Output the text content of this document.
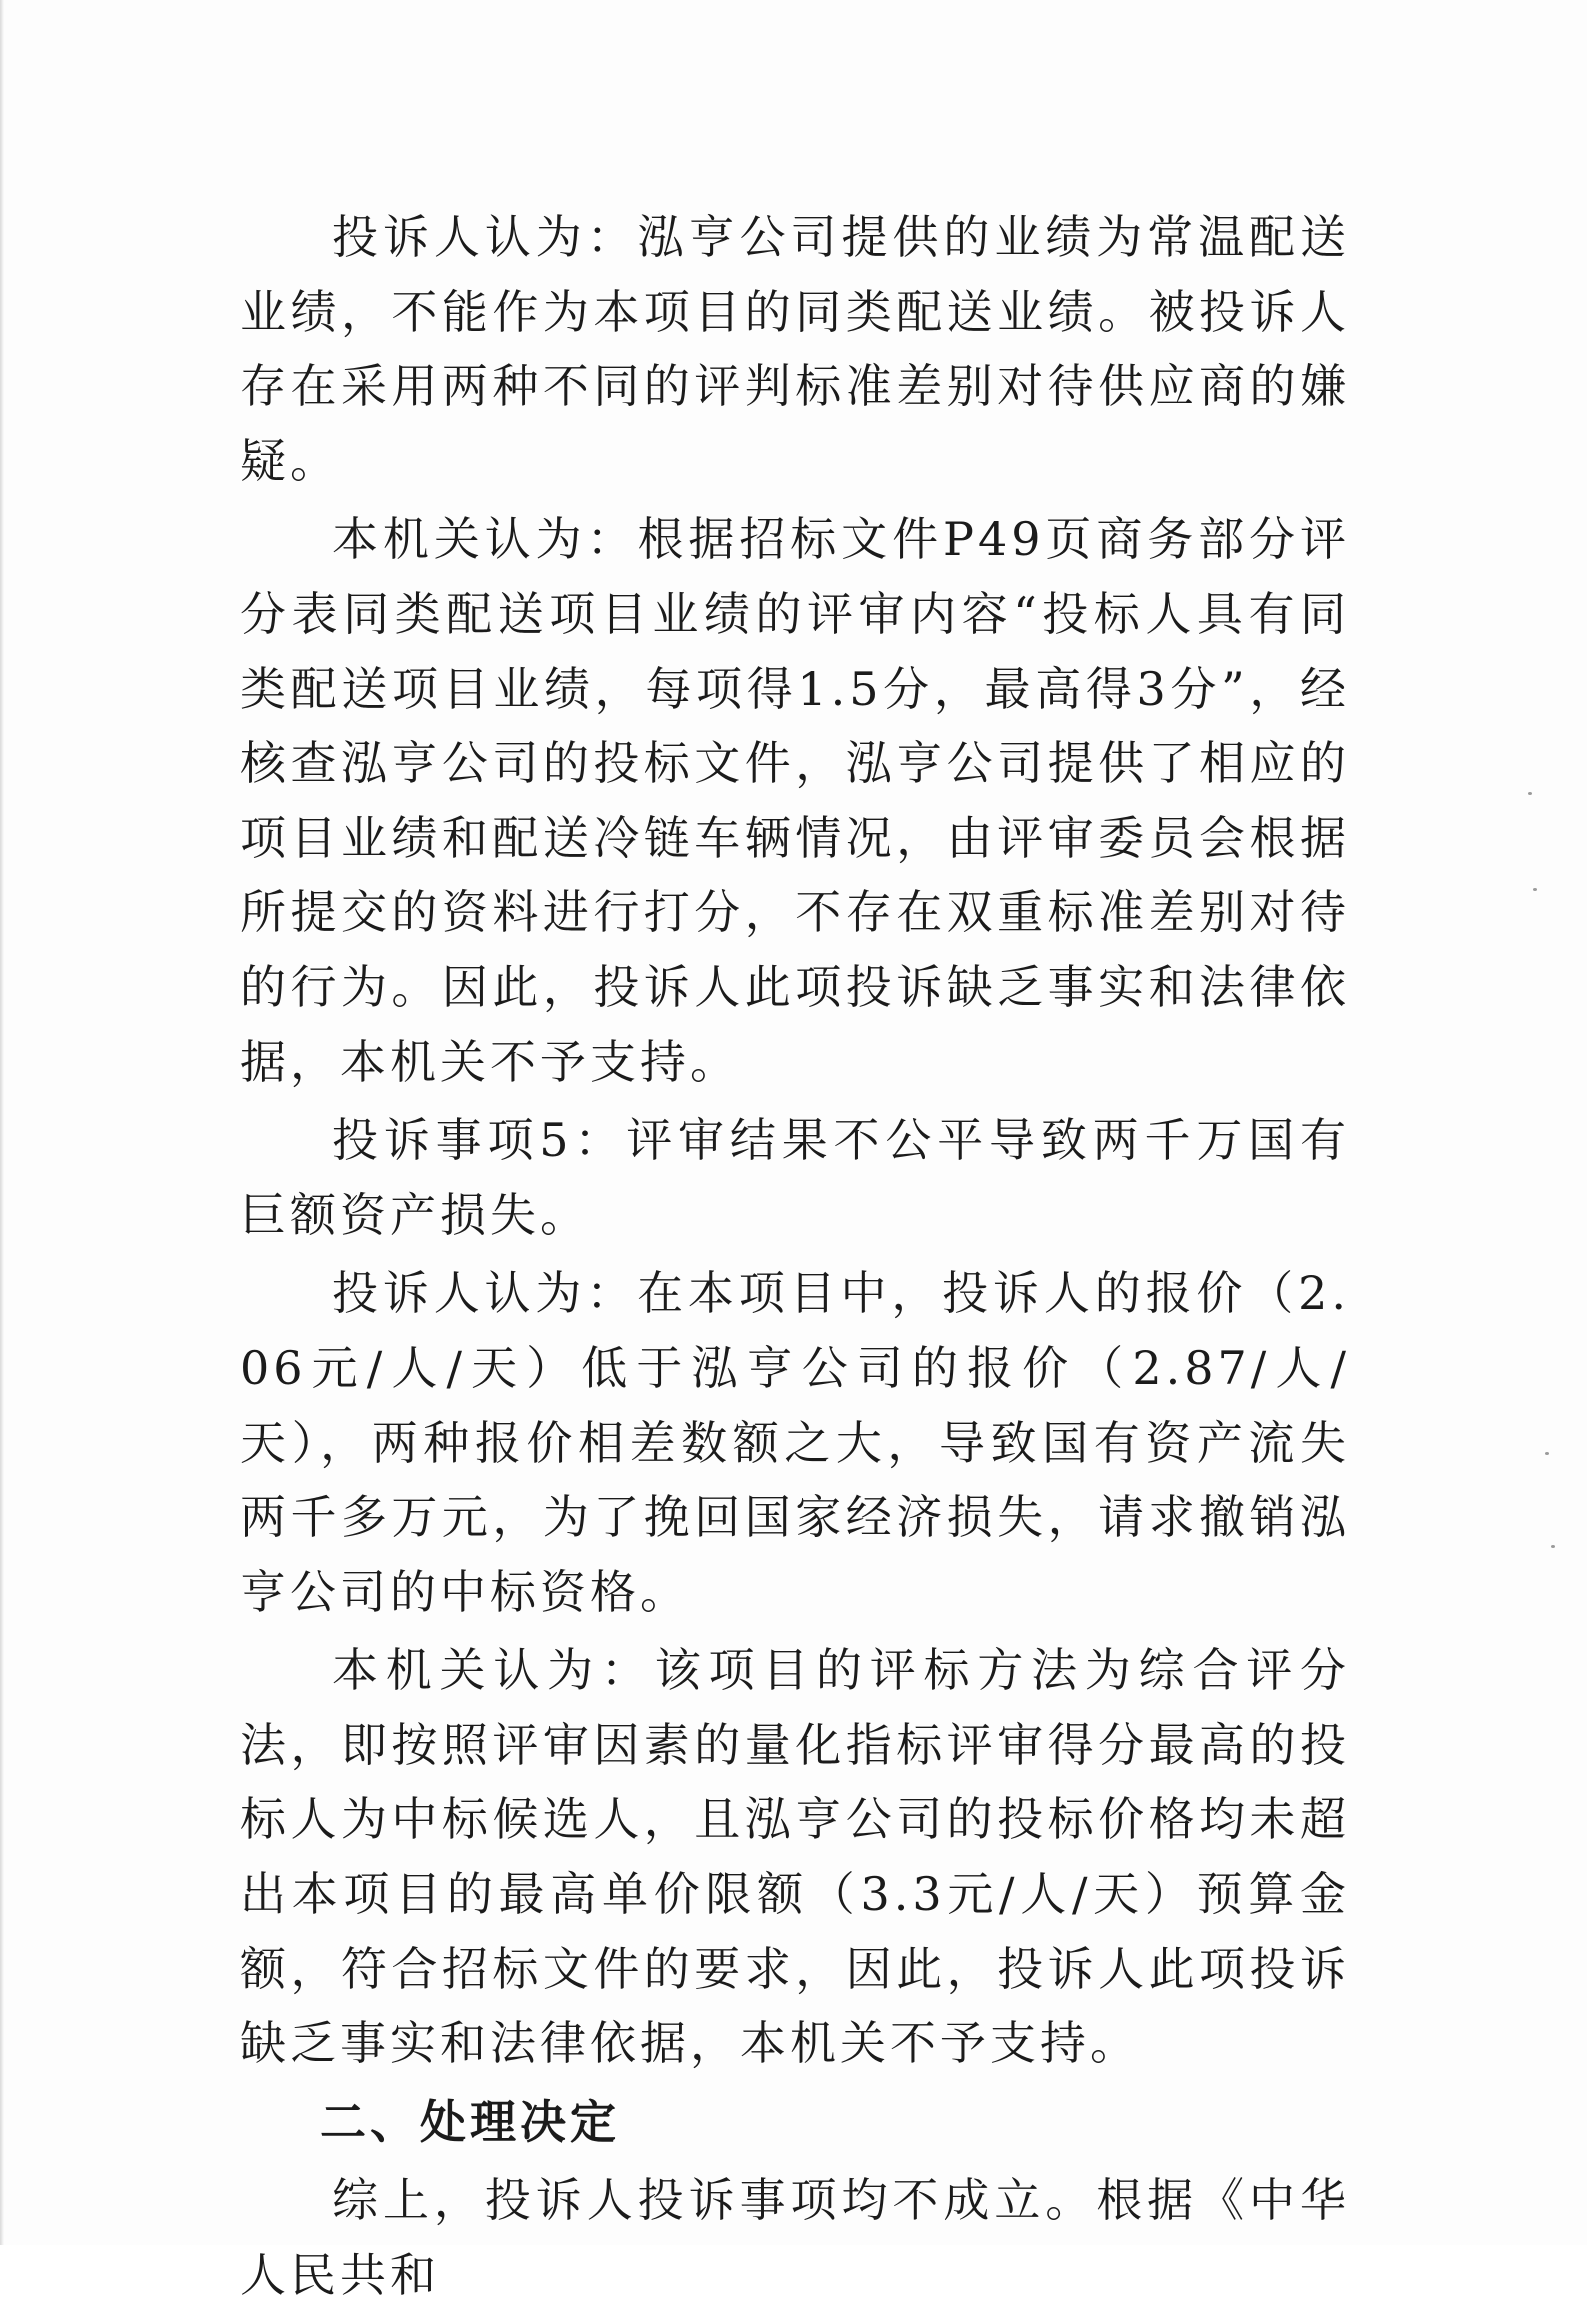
投诉人认为：泓亨公司提供的业绩为常温配送业绩，不能作为本项目的同类配送业绩。被投诉人存在采用两种不同的评判标准差别对待供应商的嫌疑。

本机关认为：根据招标文件P49页商务部分评分表同类配送项目业绩的评审内容“投标人具有同类配送项目业绩，每项得1.5分，最高得3分”，经核查泓亨公司的投标文件，泓亨公司提供了相应的项目业绩和配送冷链车辆情况，由评审委员会根据所提交的资料进行打分，不存在双重标准差别对待的行为。因此，投诉人此项投诉缺乏事实和法律依据，本机关不予支持。

投诉事项5：评审结果不公平导致两千万国有巨额资产损失。

投诉人认为：在本项目中，投诉人的报价（2.06元/人/天）低于泓亨公司的报价（2.87/人/天），两种报价相差数额之大，导致国有资产流失两千多万元，为了挽回国家经济损失，请求撤销泓亨公司的中标资格。

本机关认为：该项目的评标方法为综合评分法，即按照评审因素的量化指标评审得分最高的投标人为中标候选人，且泓亨公司的投标价格均未超出本项目的最高单价限额（3.3元/人/天）预算金额，符合招标文件的要求，因此，投诉人此项投诉缺乏事实和法律依据，本机关不予支持。

二、处理决定

综上，投诉人投诉事项均不成立。根据《中华人民共和
